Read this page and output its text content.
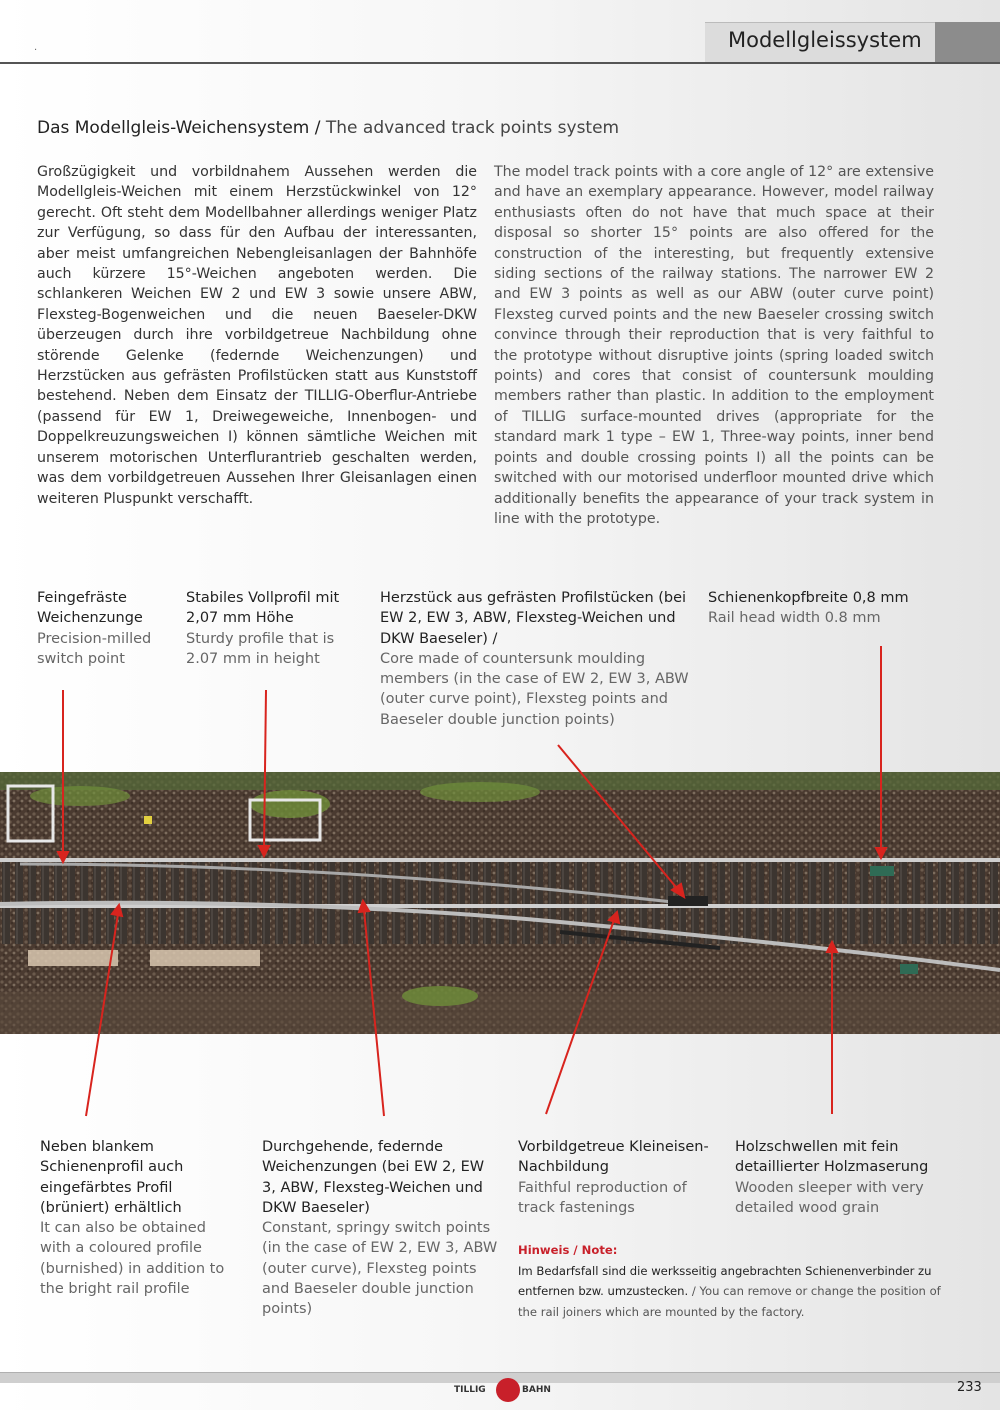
.	Modellgleissystem
Das Modellgleis-Weichensystem / The advanced track points system

Großzügigkeit und vorbildnahem Aussehen werden die Modellgleis-Weichen mit einem Herzstückwinkel von 12° gerecht. Oft steht dem Modellbahner allerdings weniger Platz zur Verfügung, so dass für den Aufbau der interessanten, aber meist umfangreichen Nebengleisanlagen der Bahnhöfe auch kürzere 15°-Weichen angeboten werden. Die schlankeren Weichen EW 2 und EW 3 sowie unsere ABW, Flexsteg-Bogenweichen und die neuen Baeseler-DKW überzeugen durch ihre vorbildgetreue Nachbildung ohne störende Gelenke (federnde Weichenzungen) und Herzstücken aus gefrästen Profilstücken statt aus Kunststoff bestehend. Neben dem Einsatz der TILLIG-Oberflur-Antriebe (passend für EW 1, Dreiwegeweiche, Innenbogen- und Doppelkreuzungsweichen I) können sämtliche Weichen mit unserem motorischen Unterflurantrieb geschalten werden, was dem vorbildgetreuen Aussehen Ihrer Gleisanlagen einen weiteren Pluspunkt verschafft.

The model track points with a core angle of 12° are extensive and have an exemplary appearance. However, model railway enthusiasts often do not have that much space at their disposal so shorter 15° points are also offered for the construction of the interesting, but frequently extensive siding sections of the railway stations. The narrower EW 2 and EW 3 points as well as our ABW (outer curve point) Flexsteg curved points and the new Baeseler crossing switch convince through their reproduction that is very faithful to the prototype without disruptive joints (spring loaded switch points) and cores that consist of countersunk moulding members rather than plastic. In addition to the employment of TILLIG surface-mounted drives (appropriate for the standard mark 1 type – EW 1, Three-way points, inner bend points and double crossing points I) all the points can be switched with our motorised underfloor mounted drive which additionally benefits the appearance of your track system in line with the prototype.

Feingefräste Weichenzunge
Precision-milled switch point
Stabiles Vollprofil mit 2,07 mm Höhe
Sturdy profile that is 2.07 mm in height
Herzstück aus gefrästen Profilstücken (bei EW 2, EW 3, ABW, Flexsteg-Weichen und DKW Baeseler) /
Core made of countersunk moulding members (in the case of EW 2, EW 3, ABW (outer curve point), Flexsteg points and Baeseler double junction points)
Schienenkopfbreite 0,8 mm
Rail head width 0.8 mm
Neben blankem Schienenprofil auch eingefärbtes Profil (brüniert) erhältlich
It can also be obtained with a coloured profile (burnished) in addition to the bright rail profile
Durchgehende, federnde Weichenzungen (bei EW 2, EW 3, ABW, Flexsteg-Weichen und DKW Baeseler)
Constant, springy switch points (in the case of EW 2, EW 3, ABW (outer curve), Flexsteg points and Baeseler double junction points)
Vorbildgetreue Kleineisen-Nachbildung
Faithful reproduction of track fastenings
Holzschwellen mit fein detaillierter Holzmaserung
Wooden sleeper with very detailed wood grain
Hinweis / Note:
Im Bedarfsfall sind die werksseitig angebrachten Schienenverbinder zu entfernen bzw. umzustecken. / You can remove or change the position of the rail joiners which are mounted by the factory.
TILLIG	BAHN	233
